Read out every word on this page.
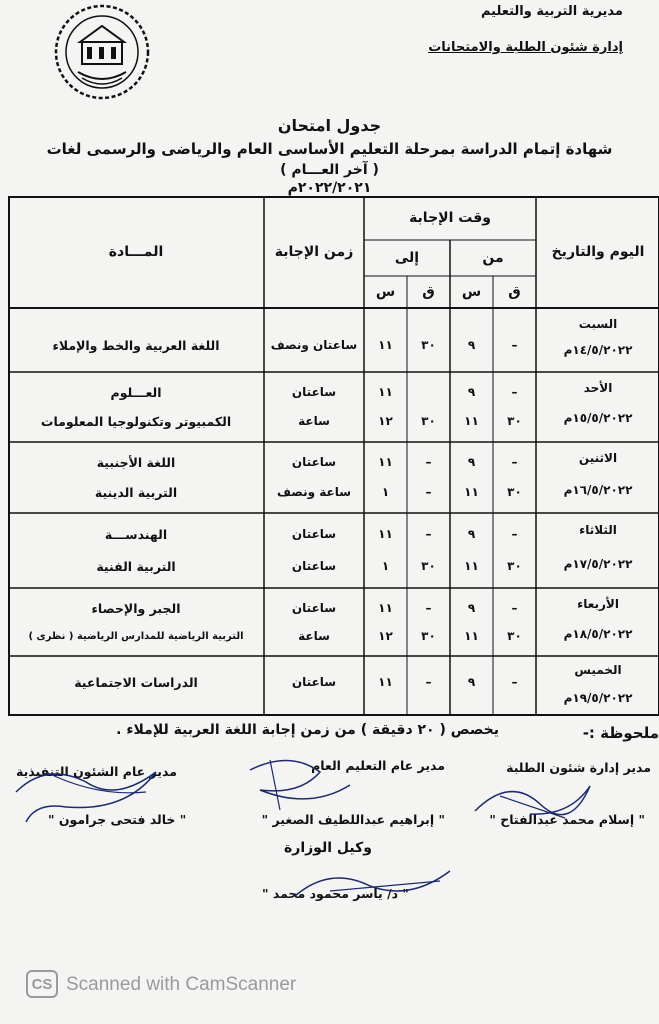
مديرية التربية والتعليم
إدارة شئون الطلبة والامتحانات
جدول امتحان
شهادة إتمام الدراسة بمرحلة التعليم الأساسى العام والرياضى والرسمى لغات
( آخر العـــام )
٢٠٢٢/٢٠٢١م
اليوم والتاريخ
وقت الإجابة
من
إلى
ق
س
ق
س
زمن الإجابة
المـــادة
السبت
١٤/٥/٢٠٢٢م
الأحد
١٥/٥/٢٠٢٢م
الاثنين
١٦/٥/٢٠٢٢م
الثلاثاء
١٧/٥/٢٠٢٢م
الأربعاء
١٨/٥/٢٠٢٢م
الخميس
١٩/٥/٢٠٢٢م
–
٩
٣٠
١١
ساعتان ونصف
اللغة العربية والخط والإملاء
–
٩
١١
ساعتان
العـــلوم
٣٠
١١
٣٠
١٢
ساعة
الكمبيوتر وتكنولوجيا المعلومات
–
٩
–
١١
ساعتان
اللغة الأجنبية
٣٠
١١
–
١
ساعة ونصف
التربية الدينية
–
٩
–
١١
ساعتان
الهندســـة
٣٠
١١
٣٠
١
ساعتان
التربية الفنية
–
٩
–
١١
ساعتان
الجبر والإحصاء
٣٠
١١
٣٠
١٢
ساعة
التربية الرياضية للمدارس الرياضية ( نظرى )
–
٩
–
١١
ساعتان
الدراسات الاجتماعية
ملحوظة :-
يخصص ( ٢٠ دقيقة ) من زمن إجابة اللغة العربية للإملاء .
مدير إدارة شئون الطلبة
" إسلام محمد عبدالفتاح "
مدير عام التعليم العام
" إبراهيم عبداللطيف الصغير "
مدير عام الشئون التنفيذية
" خالد فتحى جرامون "
وكيل الوزارة
" د/ ياسر محمود محمد "
CS Scanned with CamScanner
